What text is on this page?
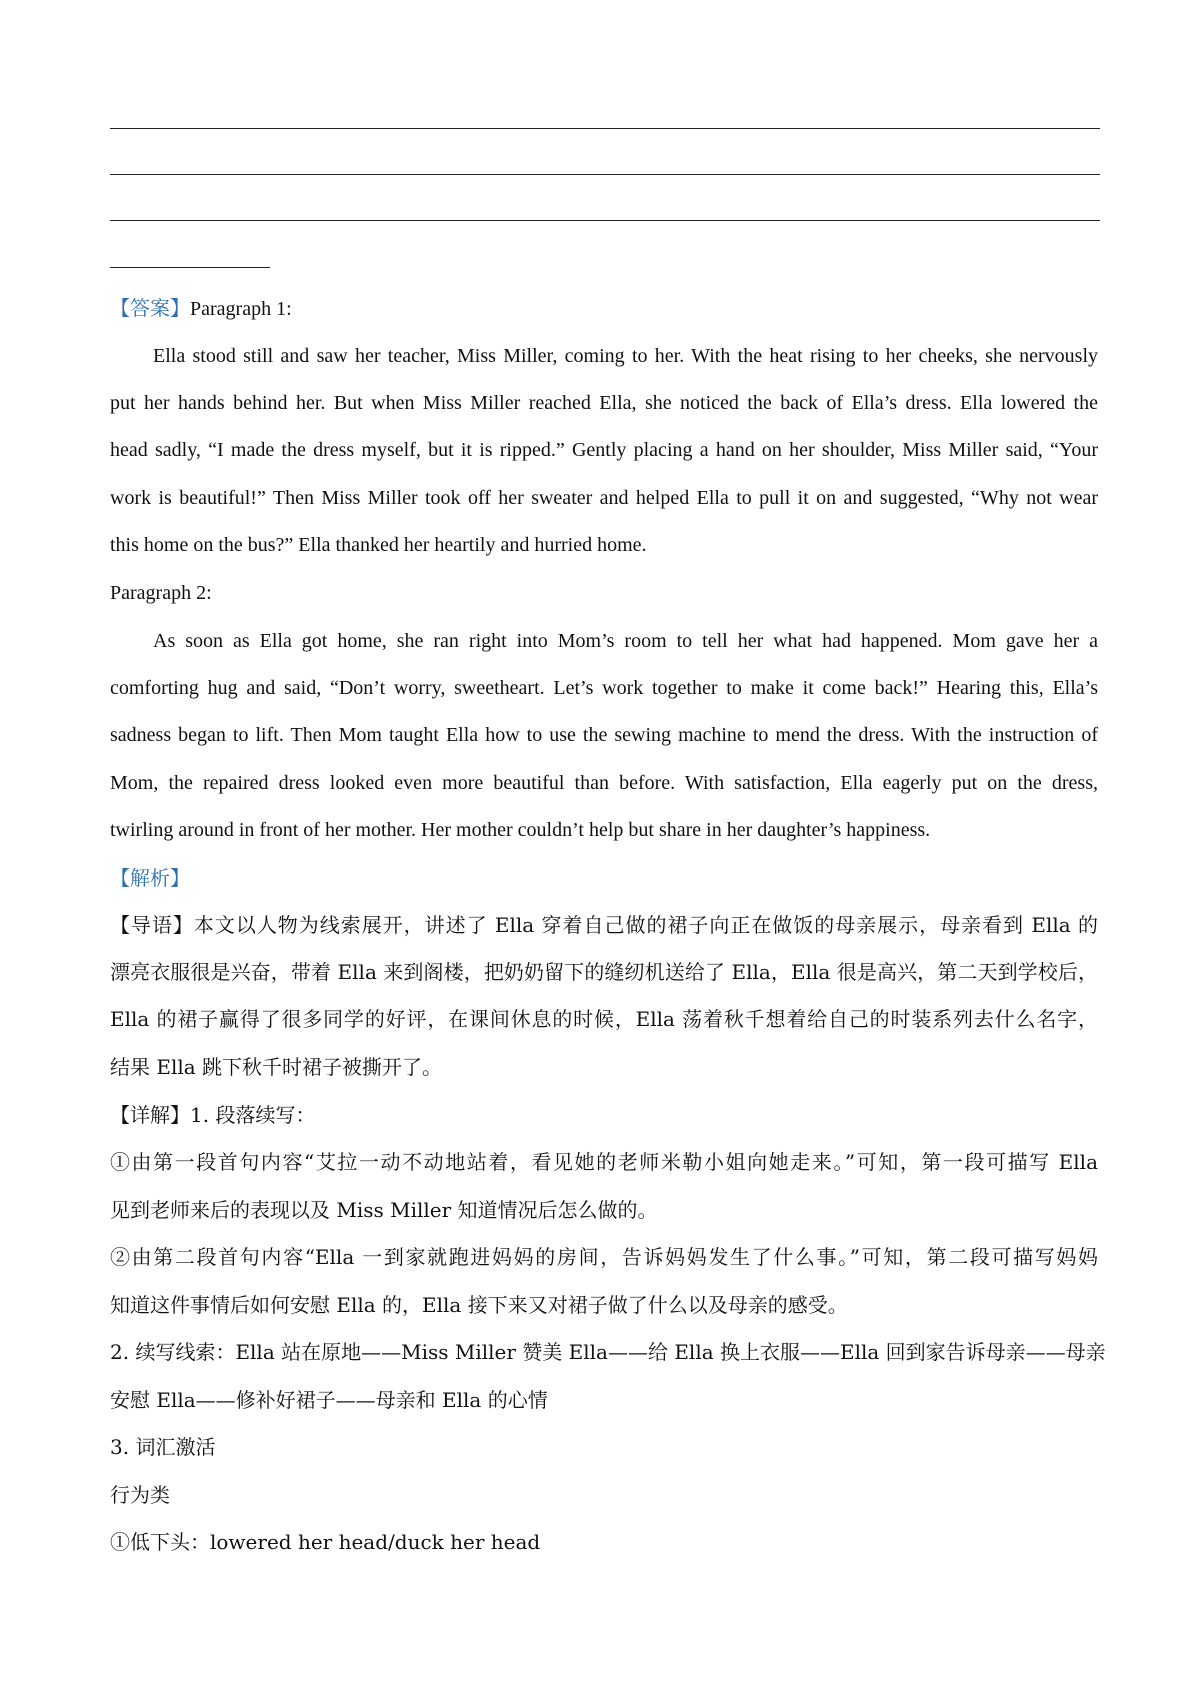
【答案】Paragraph 1:
Ella stood still and saw her teacher, Miss Miller, coming to her. With the heat rising to her cheeks, she nervously
put her hands behind her. But when Miss Miller reached Ella, she noticed the back of Ella’s dress. Ella lowered the
head sadly, “I made the dress myself, but it is ripped.” Gently placing a hand on her shoulder, Miss Miller said, “Your
work is beautiful!” Then Miss Miller took off her sweater and helped Ella to pull it on and suggested, “Why not wear
this home on the bus?” Ella thanked her heartily and hurried home.
Paragraph 2:
As soon as Ella got home, she ran right into Mom’s room to tell her what had happened. Mom gave her a
comforting hug and said, “Don’t worry, sweetheart. Let’s work together to make it come back!” Hearing this, Ella’s
sadness began to lift. Then Mom taught Ella how to use the sewing machine to mend the dress. With the instruction of
Mom, the repaired dress looked even more beautiful than before. With satisfaction, Ella eagerly put on the dress,
twirling around in front of her mother. Her mother couldn’t help but share in her daughter’s happiness.
【解析】
【导语】本文以人物为线索展开，讲述了 Ella 穿着自己做的裙子向正在做饭的母亲展示，母亲看到 Ella 的
漂亮衣服很是兴奋，带着 Ella 来到阁楼，把奶奶留下的缝纫机送给了 Ella，Ella 很是高兴，第二天到学校后，
Ella 的裙子赢得了很多同学的好评，在课间休息的时候，Ella 荡着秋千想着给自己的时装系列去什么名字，
结果 Ella 跳下秋千时裙子被撕开了。
【详解】1. 段落续写：
①由第一段首句内容“艾拉一动不动地站着，看见她的老师米勒小姐向她走来。”可知，第一段可描写 Ella
见到老师来后的表现以及 Miss Miller 知道情况后怎么做的。
②由第二段首句内容“Ella 一到家就跑进妈妈的房间，告诉妈妈发生了什么事。”可知，第二段可描写妈妈
知道这件事情后如何安慰 Ella 的，Ella 接下来又对裙子做了什么以及母亲的感受。
2. 续写线索：Ella 站在原地——Miss Miller 赞美 Ella——给 Ella 换上衣服——Ella 回到家告诉母亲——母亲
安慰 Ella——修补好裙子——母亲和 Ella 的心情
3. 词汇激活
行为类
①低下头：lowered her head/duck her head
